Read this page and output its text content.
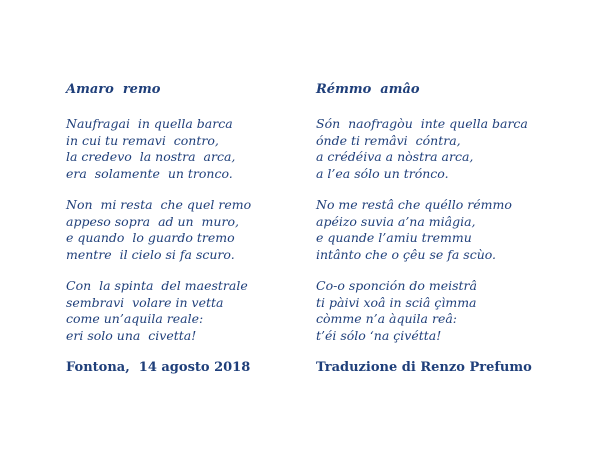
Amaro  remo
Naufragai  in quella barca
in cui tu remavi  contro,
la credevo  la nostra  arca,
era  solamente  un tronco.
Non  mi resta  che quel remo
appeso sopra  ad un  muro,
e quando  lo guardo tremo
mentre  il cielo si fa scuro.
Con  la spinta  del maestrale
sembravi  volare in vetta
come un’aquila reale:
eri solo una  civetta!
Fontona,  14 agosto 2018
Rémmo  amâo
Són  naofragòu  inte quella barca
ónde ti remâvi  cóntra,
a crédéiva a nòstra arca,
a l’ea sólo un trónco.
No me restâ che quéllo rémmo
apéizo suvia a’na miâgia,
e quande l’amiu tremmu
intânto che o çêu se fa scùo.
Co-o sponción do meistrâ
ti pàivi xoâ in sciâ çìmma
còmme n’a àquila reâ:
t’éi sólo ‘na çivétta!
Traduzione di Renzo Prefumo
